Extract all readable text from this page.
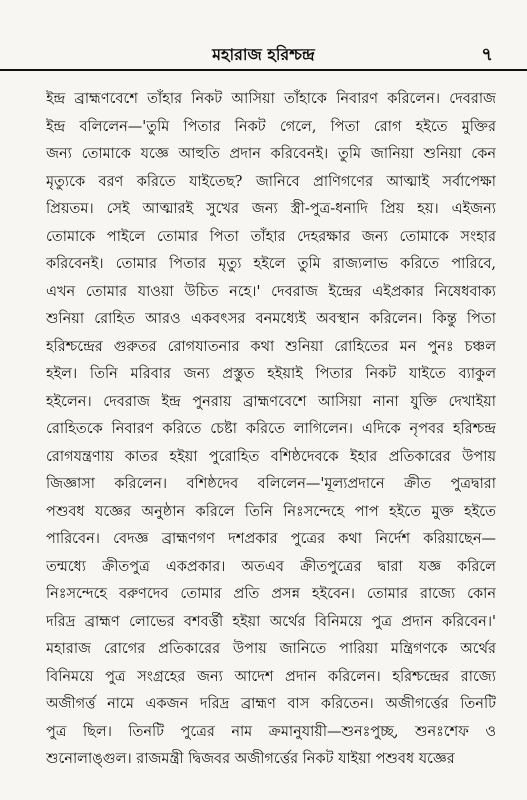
মহারাজ হরিশ্চন্দ্র	৭
ইন্দ্র ব্রাহ্মণবেশে তাঁহার নিকট আসিয়া তাঁহাকে নিবারণ করিলেন। দেবরাজ
ইন্দ্র বলিলেন—'তুমি পিতার নিকট গেলে, পিতা রোগ হইতে মুক্তির
জন্য তোমাকে যজ্ঞে আহুতি প্রদান করিবেনই। তুমি জানিয়া শুনিয়া কেন
মৃত্যুকে বরণ করিতে যাইতেছ? জানিবে প্রাণিগণের আত্মাই সর্বাপেক্ষা
প্রিয়তম। সেই আত্মারই সুখের জন্য স্ত্রী-পুত্র-ধনাদি প্রিয় হয়। এইজন্য
তোমাকে পাইলে তোমার পিতা তাঁহার দেহরক্ষার জন্য তোমাকে সংহার
করিবেনই। তোমার পিতার মৃত্যু হইলে তুমি রাজ্যলাভ করিতে পারিবে,
এখন তোমার যাওয়া উচিত নহে।' দেবরাজ ইন্দ্রের এইপ্রকার নিষেধবাক্য
শুনিয়া রোহিত আরও একবৎসর বনমধ্যেই অবস্থান করিলেন। কিন্তু পিতা
হরিশ্চন্দ্রের গুরুতর রোগযাতনার কথা শুনিয়া রোহিতের মন পুনঃ চঞ্চল
হইল। তিনি মরিবার জন্য প্রস্তুত হইয়াই পিতার নিকট যাইতে ব্যাকুল
হইলেন। দেবরাজ ইন্দ্র পুনরায় ব্রাহ্মণবেশে আসিয়া নানা যুক্তি দেখাইয়া
রোহিতকে নিবারণ করিতে চেষ্টা করিতে লাগিলেন। এদিকে নৃপবর হরিশ্চন্দ্র
রোগযন্ত্রণায় কাতর হইয়া পুরোহিত বশিষ্ঠদেবকে ইহার প্রতিকারের উপায়
জিজ্ঞাসা করিলেন। বশিষ্ঠদেব বলিলেন—'মূল্যপ্রদানে ক্রীত পুত্রদ্বারা
পশুবধ যজ্ঞের অনুষ্ঠান করিলে তিনি নিঃসন্দেহে পাপ হইতে মুক্ত হইতে
পারিবেন। বেদজ্ঞ ব্রাহ্মণগণ দশপ্রকার পুত্রের কথা নির্দেশ করিয়াছেন—
তন্মধ্যে ক্রীতপুত্র একপ্রকার। অতএব ক্রীতপুত্রের দ্বারা যজ্ঞ করিলে
নিঃসন্দেহে বরুণদেব তোমার প্রতি প্রসন্ন হইবেন। তোমার রাজ্যে কোন
দরিদ্র ব্রাহ্মণ লোভের বশবর্ত্তী হইয়া অর্থের বিনিময়ে পুত্র প্রদান করিবেন।'
মহারাজ রোগের প্রতিকারের উপায় জানিতে পারিয়া মন্ত্রিগণকে অর্থের
বিনিময়ে পুত্র সংগ্রহের জন্য আদেশ প্রদান করিলেন। হরিশ্চন্দ্রের রাজ্যে
অজীগর্ত্ত নামে একজন দরিদ্র ব্রাহ্মণ বাস করিতেন। অজীগর্ত্তের তিনটি
পুত্র ছিল। তিনটি পুত্রের নাম ক্রমানুযায়ী—শুনঃপুচ্ছ, শুনঃশেফ ও
শুনোলাঙ্গুল। রাজমন্ত্রী দ্বিজবর অজীগর্ত্তের নিকট যাইয়া পশুবধ যজ্ঞের
